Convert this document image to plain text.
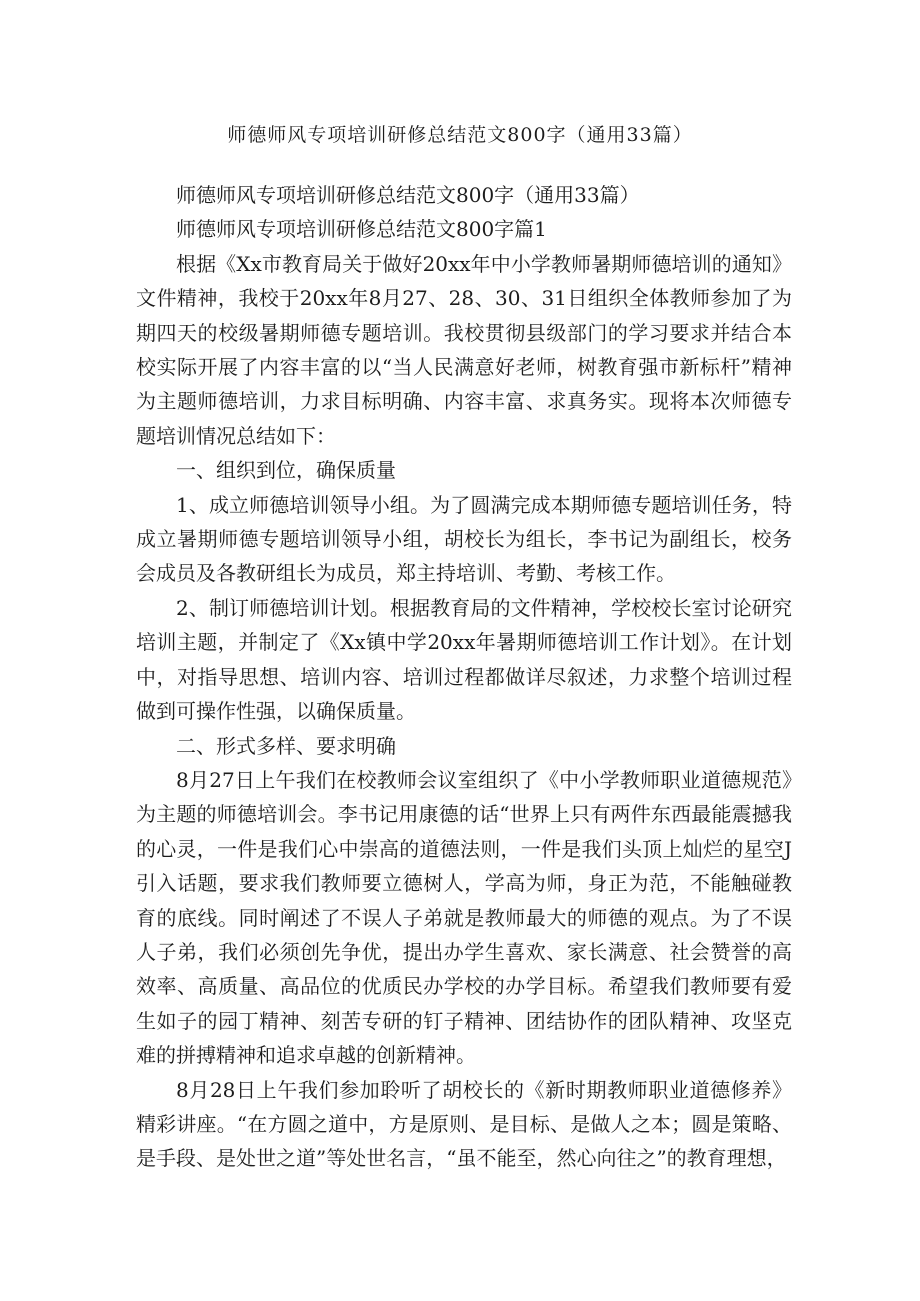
师德师风专项培训研修总结范文800字（通用33篇）

师德师风专项培训研修总结范文800字（通用33篇）

师德师风专项培训研修总结范文800字篇1

根据《Xx市教育局关于做好20xx年中小学教师暑期师德培训的通知》文件精神，我校于20xx年8月27、28、30、31日组织全体教师参加了为期四天的校级暑期师德专题培训。我校贯彻县级部门的学习要求并结合本校实际开展了内容丰富的以“当人民满意好老师，树教育强市新标杆”精神为主题师德培训，力求目标明确、内容丰富、求真务实。现将本次师德专题培训情况总结如下：

一、组织到位，确保质量

1、成立师德培训领导小组。为了圆满完成本期师德专题培训任务，特成立暑期师德专题培训领导小组，胡校长为组长，李书记为副组长，校务会成员及各教研组长为成员，郑主持培训、考勤、考核工作。

2、制订师德培训计划。根据教育局的文件精神，学校校长室讨论研究培训主题，并制定了《Xx镇中学20xx年暑期师德培训工作计划》。在计划中，对指导思想、培训内容、培训过程都做详尽叙述，力求整个培训过程做到可操作性强，以确保质量。

二、形式多样、要求明确

8月27日上午我们在校教师会议室组织了《中小学教师职业道德规范》为主题的师德培训会。李书记用康德的话“世界上只有两件东西最能震撼我的心灵，一件是我们心中崇高的道德法则，一件是我们头顶上灿烂的星空J引入话题，要求我们教师要立德树人，学高为师，身正为范，不能触碰教育的底线。同时阐述了不误人子弟就是教师最大的师德的观点。为了不误人子弟，我们必须创先争优，提出办学生喜欢、家长满意、社会赞誉的高效率、高质量、高品位的优质民办学校的办学目标。希望我们教师要有爱生如子的园丁精神、刻苦专研的钉子精神、团结协作的团队精神、攻坚克难的拼搏精神和追求卓越的创新精神。

8月28日上午我们参加聆听了胡校长的《新时期教师职业道德修养》精彩讲座。“在方圆之道中，方是原则、是目标、是做人之本；圆是策略、是手段、是处世之道”等处世名言，“虽不能至，然心向往之”的教育理想，
